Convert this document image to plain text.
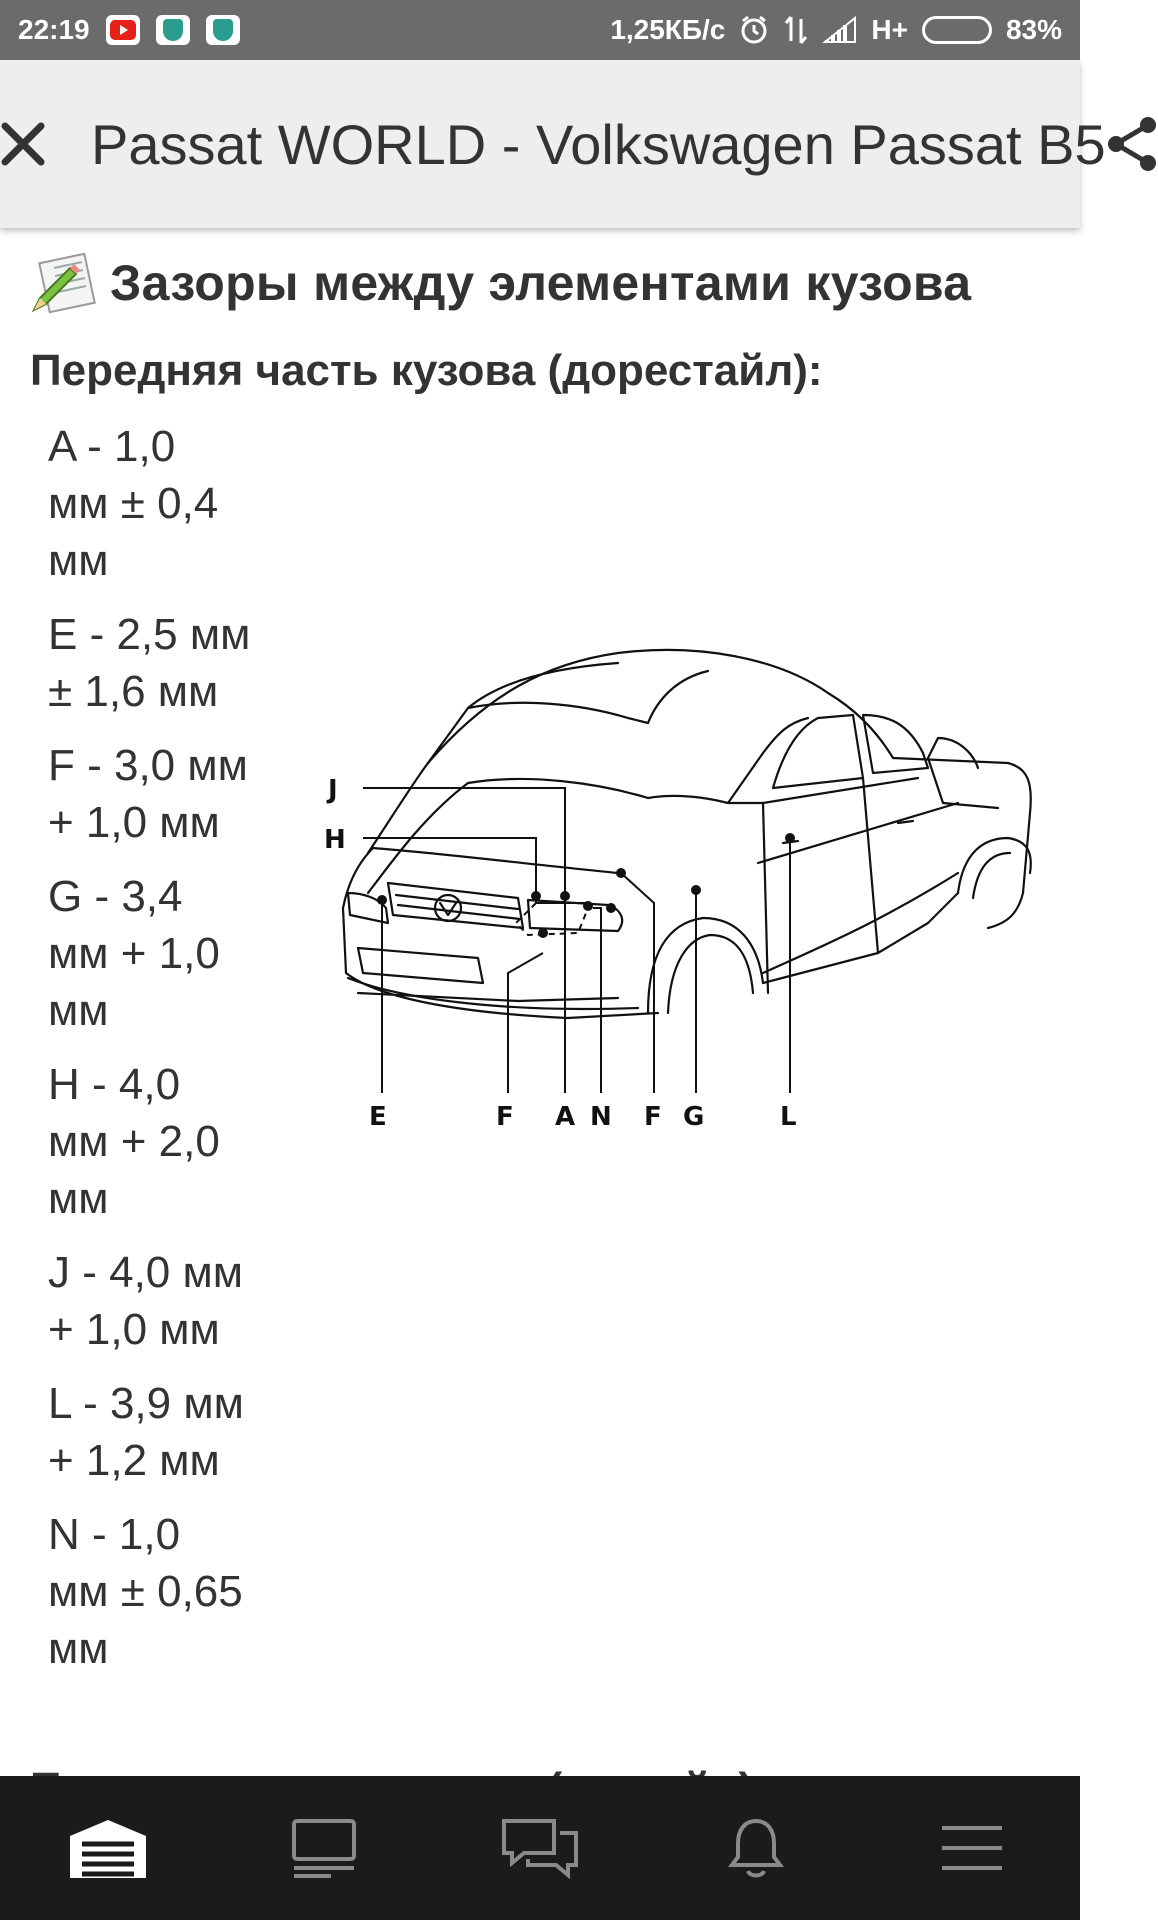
22:19	1,25КБ/с	H+	83%
Passat WORLD - Volkswagen Passat B5
Зазоры между элементами кузова
Передняя часть кузова (дорестайл):
A - 1,0
мм ± 0,4
мм
E - 2,5 мм
± 1,6 мм
F - 3,0 мм
+ 1,0 мм
G - 3,4
мм + 1,0
мм
H - 4,0
мм + 2,0
мм
J - 4,0 мм
+ 1,0 мм
L - 3,9 мм
+ 1,2 мм
N - 1,0
мм ± 0,65
мм
J
H
E	F A N F G	L
